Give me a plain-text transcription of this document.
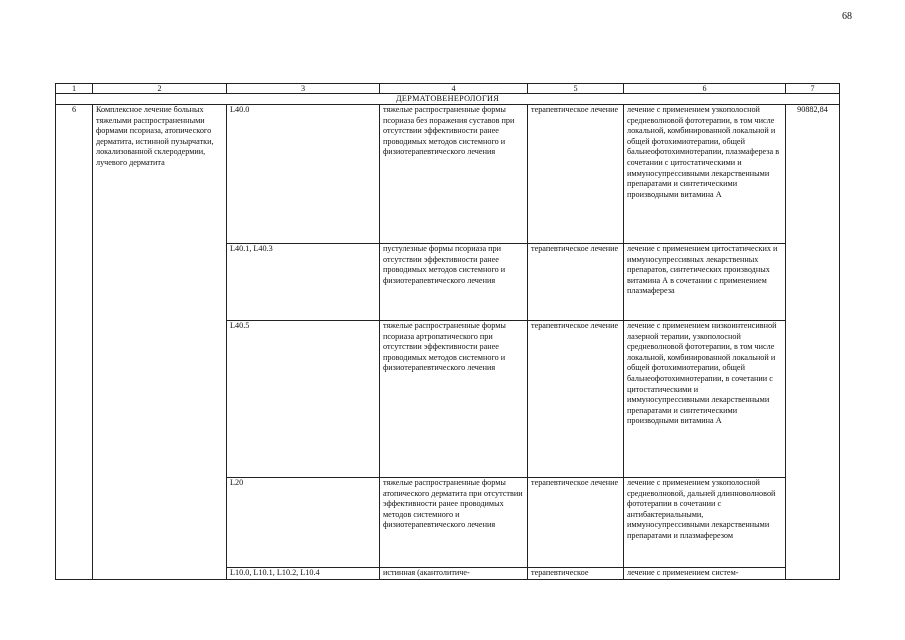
68
1	2	3	4	5	6	7
ДЕРМАТОВЕНЕРОЛОГИЯ						
6	Комплексное лечение больных тяжелыми распространенными формами псориаза, атопического дерматита, истинной пузырчатки, локализованной склеродермии, лучевого дерматита	L40.0	тяжелые распространенные формы псориаза без поражения суставов при отсутствии эффективности ранее проводимых методов системного и физиотерапевтического лечения	терапевтическое лечение	лечение с применением узкополосной средневолновой фототерапии, в том числе локальной, комбинированной локальной и общей фотохимиотерапии, общей бальнеофотохимиотерапии, плазмафереза в сочетании с цитостатическими и иммуносупрессивными лекарственными препаратами и синтетическими производными витамина А	90882,84
		L40.1, L40.3	пустулезные формы псориаза при отсутствии эффективности ранее проводимых методов системного и физиотерапевтического лечения	терапевтическое лечение	лечение с применением цитостатических и иммуносупрессивных лекарственных препаратов, синтетических производных витамина А в сочетании с применением плазмафереза	
		L40.5	тяжелые распространенные формы псориаза артропатического при отсутствии эффективности ранее проводимых методов системного и физиотерапевтического лечения	терапевтическое лечение	лечение с применением низкоинтенсивной лазерной терапии, узкополосной средневолновой фототерапии, в том числе локальной, комбинированной локальной и общей фотохимиотерапии, общей бальнеофотохимиотерапии, в сочетании с цитостатическими и иммуносупрессивными лекарственными препаратами и синтетическими производными витамина А	
		L20	тяжелые распространенные формы атопического дерматита при отсутствии эффективности ранее проводимых методов системного и физиотерапевтического лечения	терапевтическое лечение	лечение с применением узкополосной средневолновой, дальней длинноволновой фототерапии в сочетании с антибактериальными, иммуносупрессивными лекарственными препаратами и плазмаферезом	
		L10.0, L10.1, L10.2, L10.4	истинная (акантолитиче-	терапевтическое	лечение с применением систем-	
